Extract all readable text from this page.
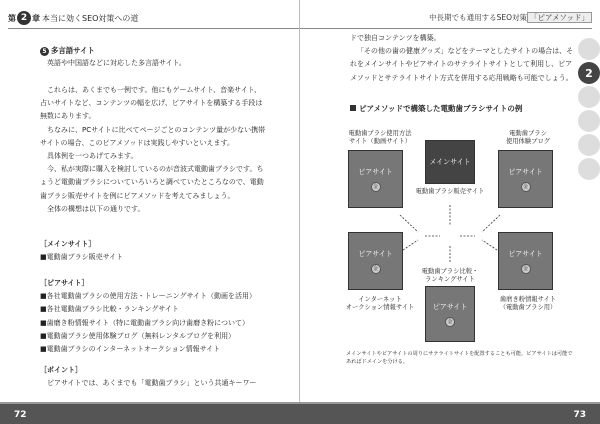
第 2 章 本当に効くSEO対策への道

5 多言語サイト

英語や中国語などに対応した多言語サイト。

これらは、あくまでも一例です。他にもゲームサイト、音楽サイト、占いサイトなど、コンテンツの幅を広げ、ピアサイトを構築する手段は無数にあります。

ちなみに、PCサイトに比べてページごとのコンテンツ量が少ない携帯サイトの場合、このピアメソッドは実践しやすいといえます。

具体例を一つあげてみます。

今、私が実際に購入を検討しているのが音波式電動歯ブラシです。ちょうど電動歯ブラシについていろいろと調べていたところなので、電動歯ブラシ販売サイトを例にピアメソッドを考えてみましょう。

全体の構想は以下の通りです。

［メインサイト］

■電動歯ブラシ販売サイト

［ピアサイト］

■各社電動歯ブラシの使用方法・トレーニングサイト（動画を活用）

■各社電動歯ブラシ比較・ランキングサイト

■歯磨き粉情報サイト（特に電動歯ブラシ向け歯磨き粉について）

■電動歯ブラシ使用体験ブログ（無料レンタルブログを利用）

■電動歯ブラシのインターネットオークション情報サイト

［ポイント］

ピアサイトでは、あくまでも「電動歯ブラシ」という共通キーワー

72
中長期でも通用するSEO対策 「ピアメソッド」

ドで独自コンテンツを構築。

「その他の歯の健康グッズ」などをテーマとしたサイトの場合は、それをメインサイトやピアサイトのサテライトサイトとして利用し、ピアメソッドとサテライトサイト方式を併用する応用戦略も可能でしょう。	2
ピアメソッドで構築した電動歯ブラシサイトの例
メインサイト
電動歯ブラシ販売サイト
電動歯ブラシ使用方法
サイト（動画サイト）
ピアサイト
金
電動歯ブラシ
使用体験ブログ
ピアサイト
金
ピアサイト
金
インターネット
オークション情報サイト
ピアサイト
金
歯磨き粉情報サイト
（電動歯ブラシ用）
電動歯ブラシ比較・
ランキングサイト
ピアサイト
金
メインサイトやピアサイトの周りにサテライトサイトを配置することも可能。ピアサイトは可能であればドメインを分ける。
73
